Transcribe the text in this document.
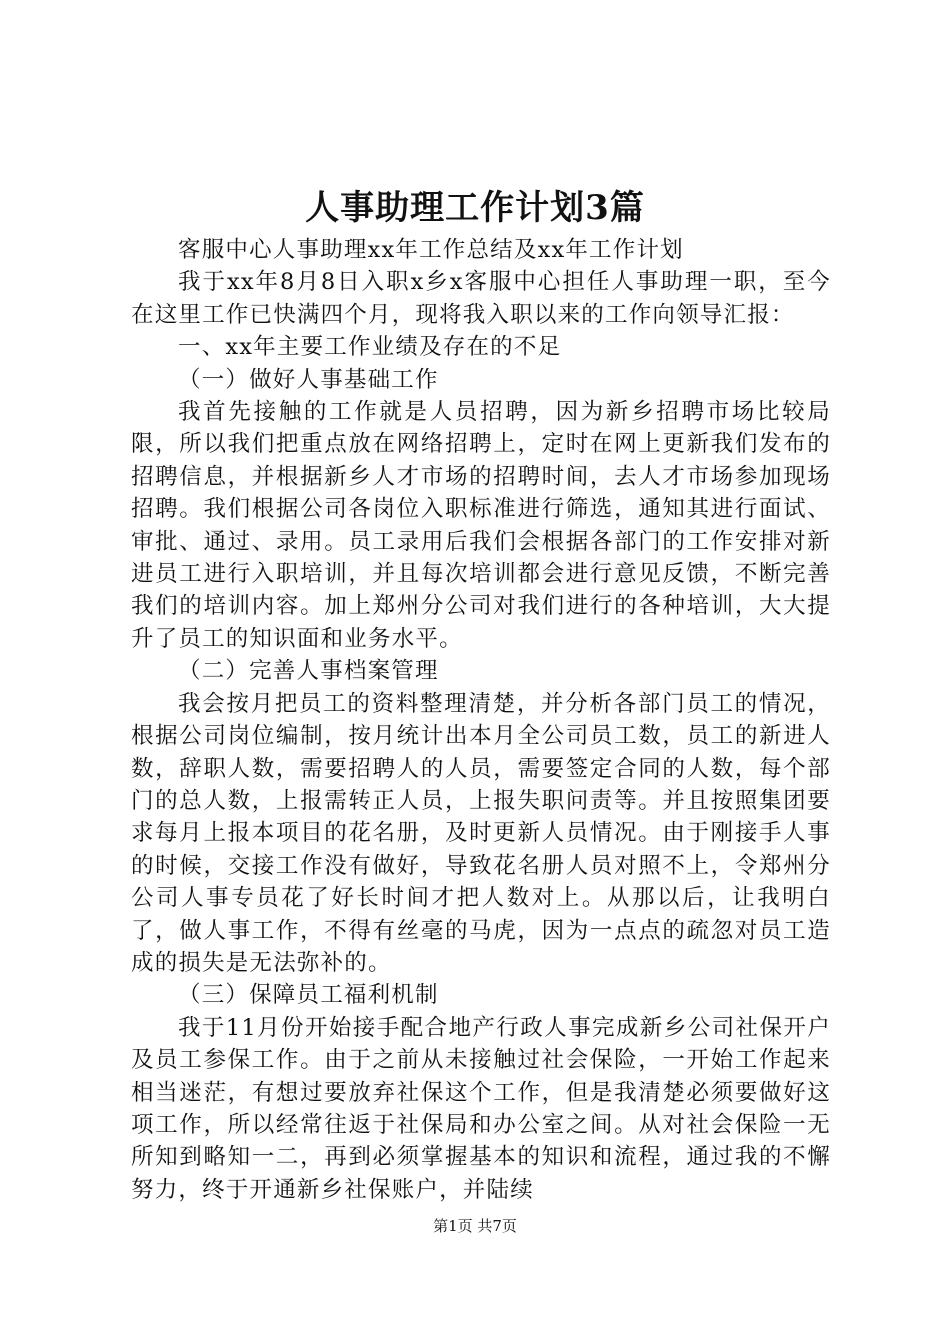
人事助理工作计划3篇

客服中心人事助理xx年工作总结及xx年工作计划

我于xx年8月8日入职x乡x客服中心担任人事助理一职，至今在这里工作已快满四个月，现将我入职以来的工作向领导汇报：

一、xx年主要工作业绩及存在的不足

（一）做好人事基础工作

我首先接触的工作就是人员招聘，因为新乡招聘市场比较局限，所以我们把重点放在网络招聘上，定时在网上更新我们发布的招聘信息，并根据新乡人才市场的招聘时间，去人才市场参加现场招聘。我们根据公司各岗位入职标准进行筛选，通知其进行面试、审批、通过、录用。员工录用后我们会根据各部门的工作安排对新进员工进行入职培训，并且每次培训都会进行意见反馈，不断完善我们的培训内容。加上郑州分公司对我们进行的各种培训，大大提升了员工的知识面和业务水平。

（二）完善人事档案管理

我会按月把员工的资料整理清楚，并分析各部门员工的情况，根据公司岗位编制，按月统计出本月全公司员工数，员工的新进人数，辞职人数，需要招聘人的人员，需要签定合同的人数，每个部门的总人数，上报需转正人员，上报失职问责等。并且按照集团要求每月上报本项目的花名册，及时更新人员情况。由于刚接手人事的时候，交接工作没有做好，导致花名册人员对照不上，令郑州分公司人事专员花了好长时间才把人数对上。从那以后，让我明白了，做人事工作，不得有丝毫的马虎，因为一点点的疏忽对员工造成的损失是无法弥补的。

（三）保障员工福利机制

我于11月份开始接手配合地产行政人事完成新乡公司社保开户及员工参保工作。由于之前从未接触过社会保险，一开始工作起来相当迷茫，有想过要放弃社保这个工作，但是我清楚必须要做好这项工作，所以经常往返于社保局和办公室之间。从对社会保险一无所知到略知一二，再到必须掌握基本的知识和流程，通过我的不懈努力，终于开通新乡社保账户，并陆续

第1页 共7页
